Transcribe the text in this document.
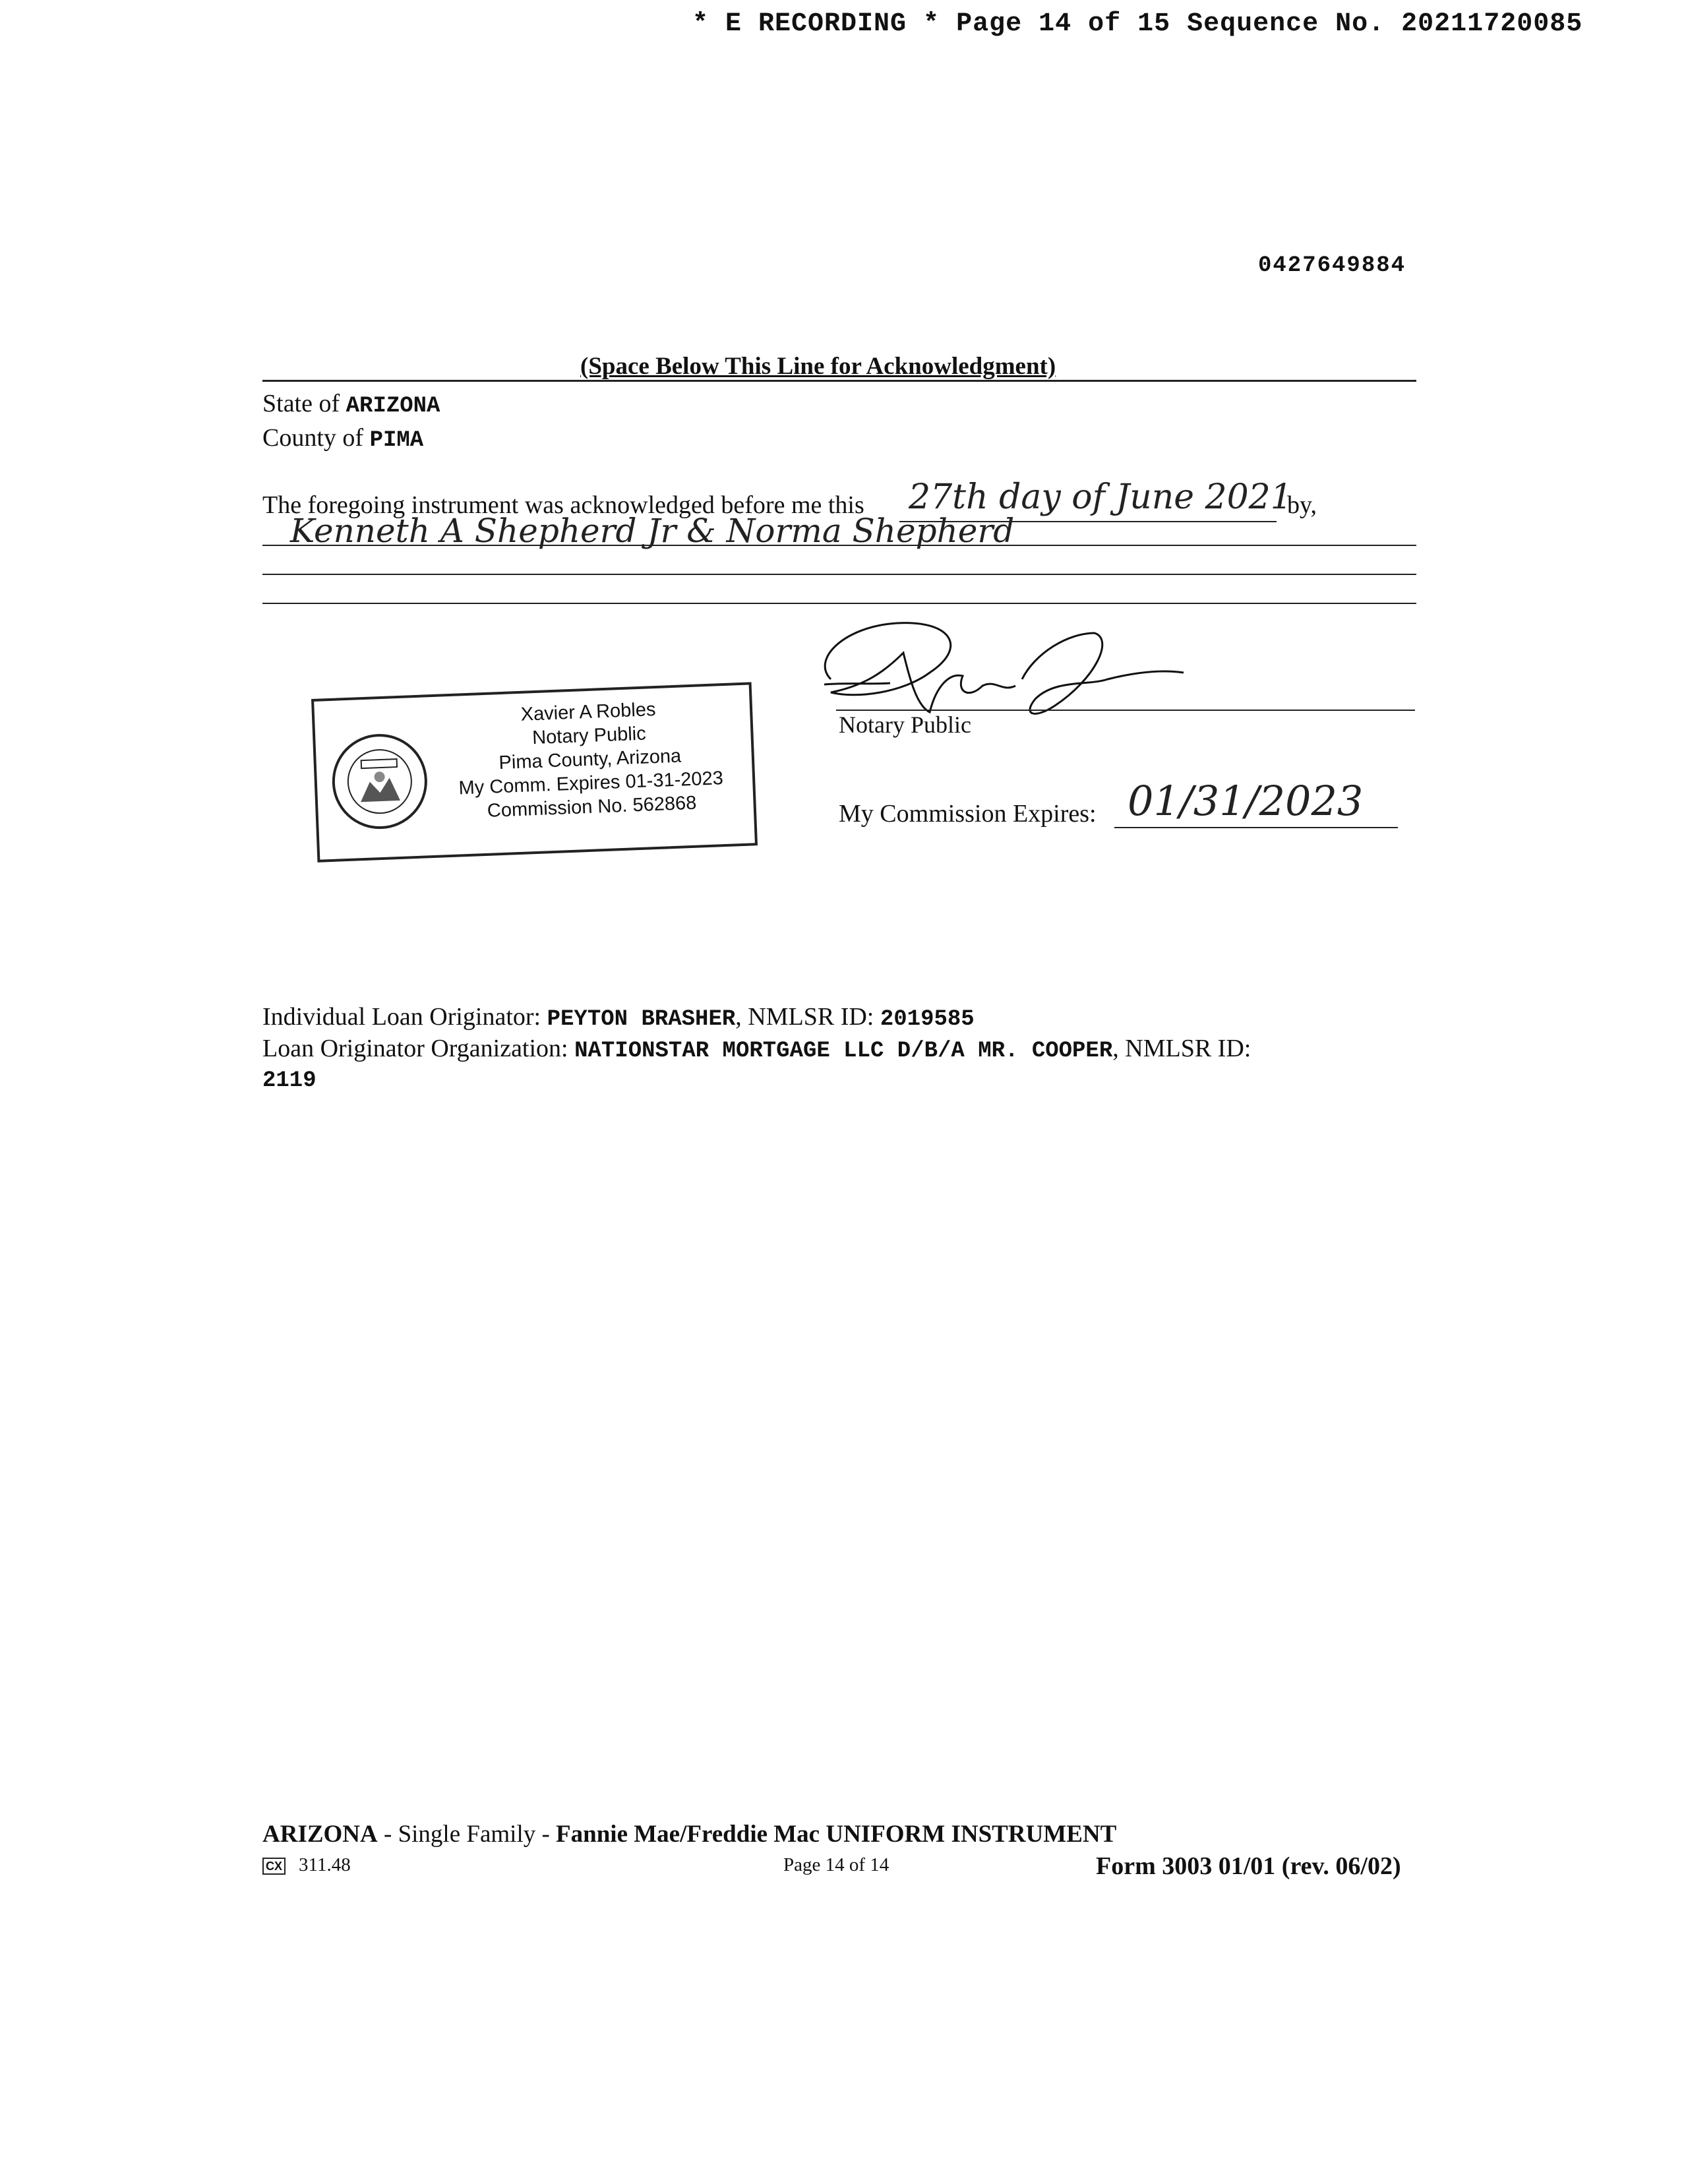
* E RECORDING * Page 14 of 15 Sequence No. 20211720085
0427649884
(Space Below This Line for Acknowledgment)
State of ARIZONA
County of PIMA
The foregoing instrument was acknowledged before me this 27th day of June 2021
by,
Kenneth A Shepherd Jr & Norma Shepherd
Notary Public
My Commission Expires: 01/31/2023
Xavier A Robles
Notary Public
Pima County, Arizona
My Comm. Expires 01-31-2023
Commission No. 562868
Individual Loan Originator: PEYTON BRASHER, NMLSR ID: 2019585
Loan Originator Organization: NATIONSTAR MORTGAGE LLC D/B/A MR. COOPER, NMLSR ID:
2119
ARIZONA - Single Family - Fannie Mae/Freddie Mac UNIFORM INSTRUMENT
CX 311.48	Page 14 of 14	Form 3003 01/01 (rev. 06/02)
